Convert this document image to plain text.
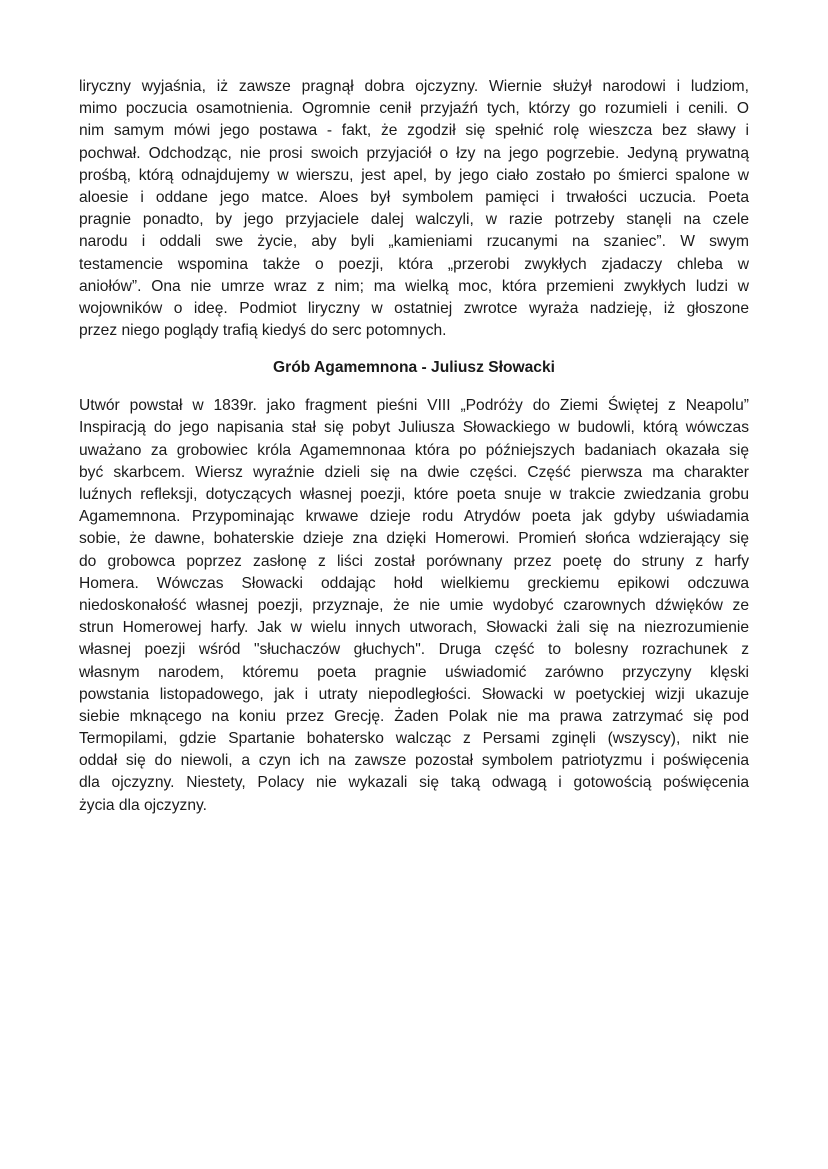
liryczny wyjaśnia, iż zawsze pragnął dobra ojczyzny. Wiernie służył narodowi i ludziom,
mimo poczucia osamotnienia. Ogromnie cenił przyjaźń tych, którzy go rozumieli i cenili. O
nim samym mówi jego postawa - fakt, że zgodził się spełnić rolę wieszcza bez sławy i
pochwał. Odchodząc, nie prosi swoich przyjaciół o łzy na jego pogrzebie. Jedyną prywatną
prośbą, którą odnajdujemy w wierszu, jest apel, by jego ciało zostało po śmierci spalone w
aloesie i oddane jego matce. Aloes był symbolem pamięci i trwałości uczucia. Poeta
pragnie ponadto, by jego przyjaciele dalej walczyli, w razie potrzeby stanęli na czele
narodu i oddali swe życie, aby byli „kamieniami rzucanymi na szaniec”. W swym
testamencie wspomina także o poezji, która „przerobi zwykłych zjadaczy chleba w
aniołów”. Ona nie umrze wraz z nim; ma wielką moc, która przemieni zwykłych ludzi w
wojowników o ideę. Podmiot liryczny w ostatniej zwrotce wyraża nadzieję, iż głoszone
przez niego poglądy trafią kiedyś do serc potomnych.
Grób Agamemnona - Juliusz Słowacki
Utwór powstał w 1839r. jako fragment pieśni VIII „Podróży do Ziemi Świętej z Neapolu”
Inspiracją do jego napisania stał się pobyt Juliusza Słowackiego w budowli, którą wówczas
uważano za grobowiec króla Agamemnonaa która po późniejszych badaniach okazała się
być skarbcem. Wiersz wyraźnie dzieli się na dwie części. Część pierwsza ma charakter
luźnych refleksji, dotyczących własnej poezji, które poeta snuje w trakcie zwiedzania grobu
Agamemnona. Przypominając krwawe dzieje rodu Atrydów poeta jak gdyby uświadamia
sobie, że dawne, bohaterskie dzieje zna dzięki Homerowi. Promień słońca wdzierający się
do grobowca poprzez zasłonę z liści został porównany przez poetę do struny z harfy
Homera. Wówczas Słowacki oddając hołd wielkiemu greckiemu epikowi odczuwa
niedoskonałość własnej poezji, przyznaje, że nie umie wydobyć czarownych dźwięków ze
strun Homerowej harfy. Jak w wielu innych utworach, Słowacki żali się na niezrozumienie
własnej poezji wśród "słuchaczów głuchych". Druga część to bolesny rozrachunek z
własnym narodem, któremu poeta pragnie uświadomić zarówno przyczyny klęski
powstania listopadowego, jak i utraty niepodległości. Słowacki w poetyckiej wizji ukazuje
siebie mknącego na koniu przez Grecję. Żaden Polak nie ma prawa zatrzymać się pod
Termopilami, gdzie Spartanie bohatersko walcząc z Persami zginęli (wszyscy), nikt nie
oddał się do niewoli, a czyn ich na zawsze pozostał symbolem patriotyzmu i poświęcenia
dla ojczyzny. Niestety, Polacy nie wykazali się taką odwagą i gotowością poświęcenia
życia dla ojczyzny.
